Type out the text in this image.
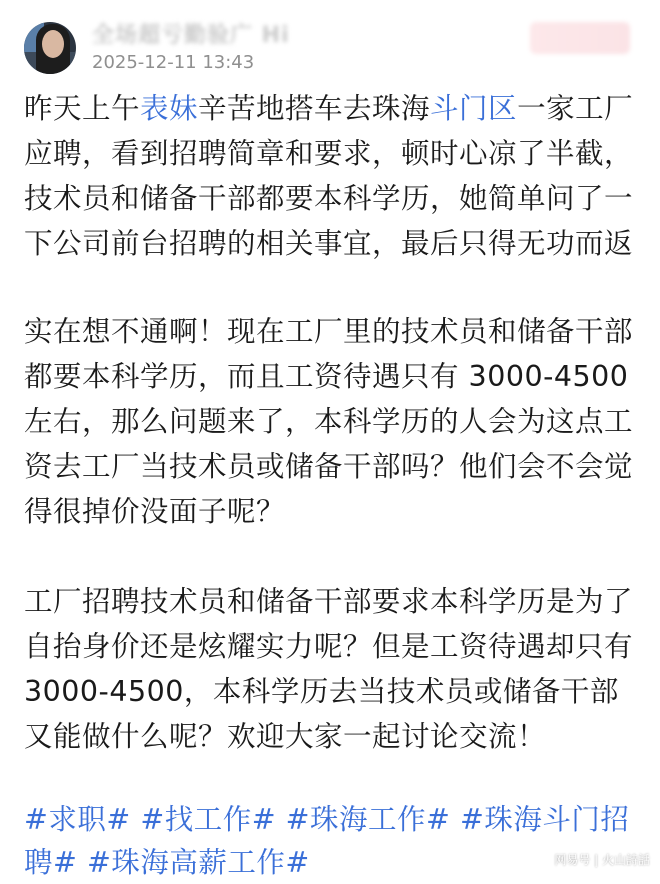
全场超亏勤验广 Hi
2025-12-11 13:43

昨天上午表妹辛苦地搭车去珠海斗门区一家工厂应聘，看到招聘简章和要求，顿时心凉了半截，技术员和储备干部都要本科学历，她简单问了一下公司前台招聘的相关事宜，最后只得无功而返

实在想不通啊！现在工厂里的技术员和储备干部都要本科学历，而且工资待遇只有 3000-4500 左右，那么问题来了，本科学历的人会为这点工资去工厂当技术员或储备干部吗？他们会不会觉得很掉价没面子呢？

工厂招聘技术员和储备干部要求本科学历是为了自抬身价还是炫耀实力呢？但是工资待遇却只有 3000-4500，本科学历去当技术员或储备干部又能做什么呢？欢迎大家一起讨论交流！

#求职# #找工作# #珠海工作# #珠海斗门招聘# #珠海高薪工作#	网易号 | 火山詩話
